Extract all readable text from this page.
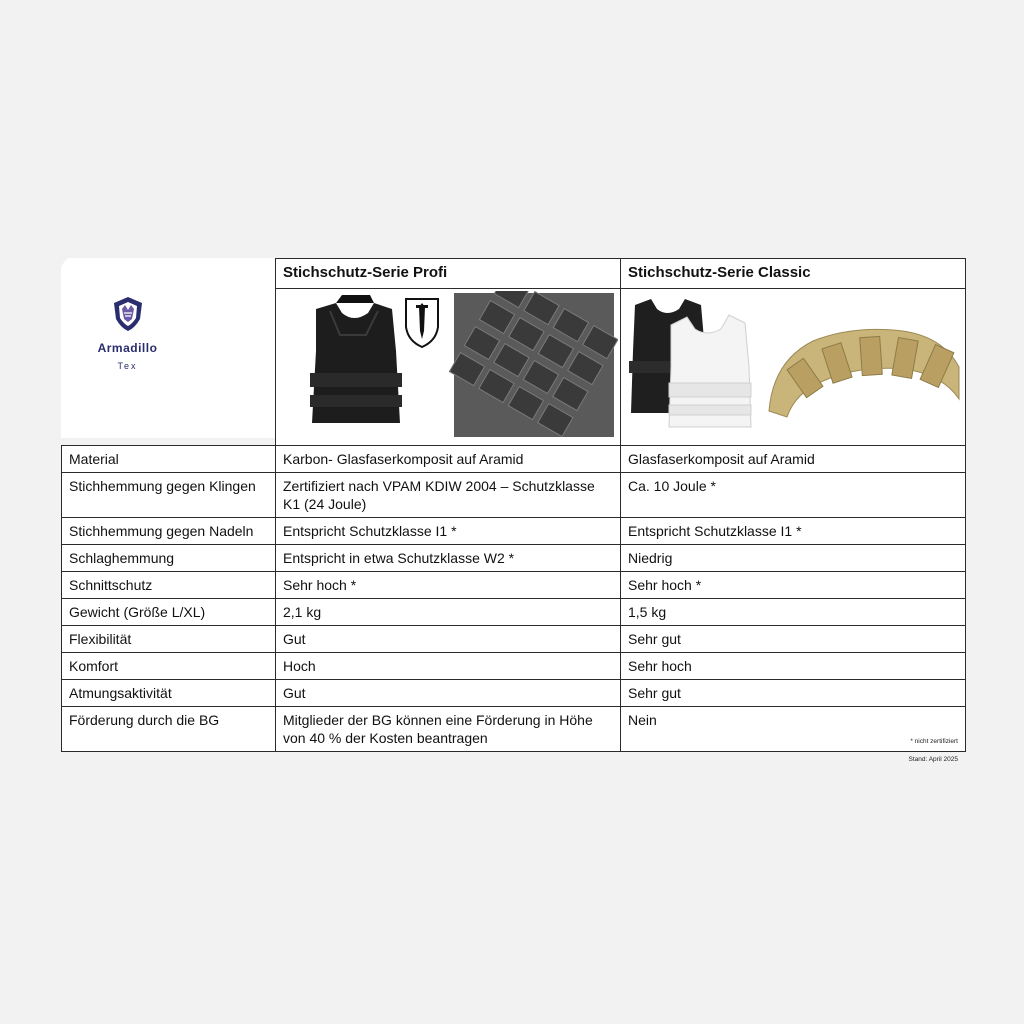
Armadillo
Tex	Stichschutz-Serie Profi	Stichschutz-Serie Classic

Material	Karbon- Glasfaserkomposit auf Aramid	Glasfaserkomposit auf Aramid
Stichhemmung gegen Klingen	Zertifiziert nach VPAM KDIW 2004 – Schutzklasse K1 (24 Joule)	Ca. 10 Joule *
Stichhemmung gegen Nadeln	Entspricht Schutzklasse I1 *	Entspricht Schutzklasse I1 *
Schlaghemmung	Entspricht in etwa Schutzklasse W2 *	Niedrig
Schnittschutz	Sehr hoch *	Sehr hoch *
Gewicht (Größe L/XL)	2,1 kg	1,5 kg
Flexibilität	Gut	Sehr gut
Komfort	Hoch	Sehr hoch
Atmungsaktivität	Gut	Sehr gut
Förderung durch die BG	Mitglieder der BG können eine Förderung in Höhe von 40 % der Kosten beantragen	Nein
* nicht zertifiziert
Stand: April 2025
